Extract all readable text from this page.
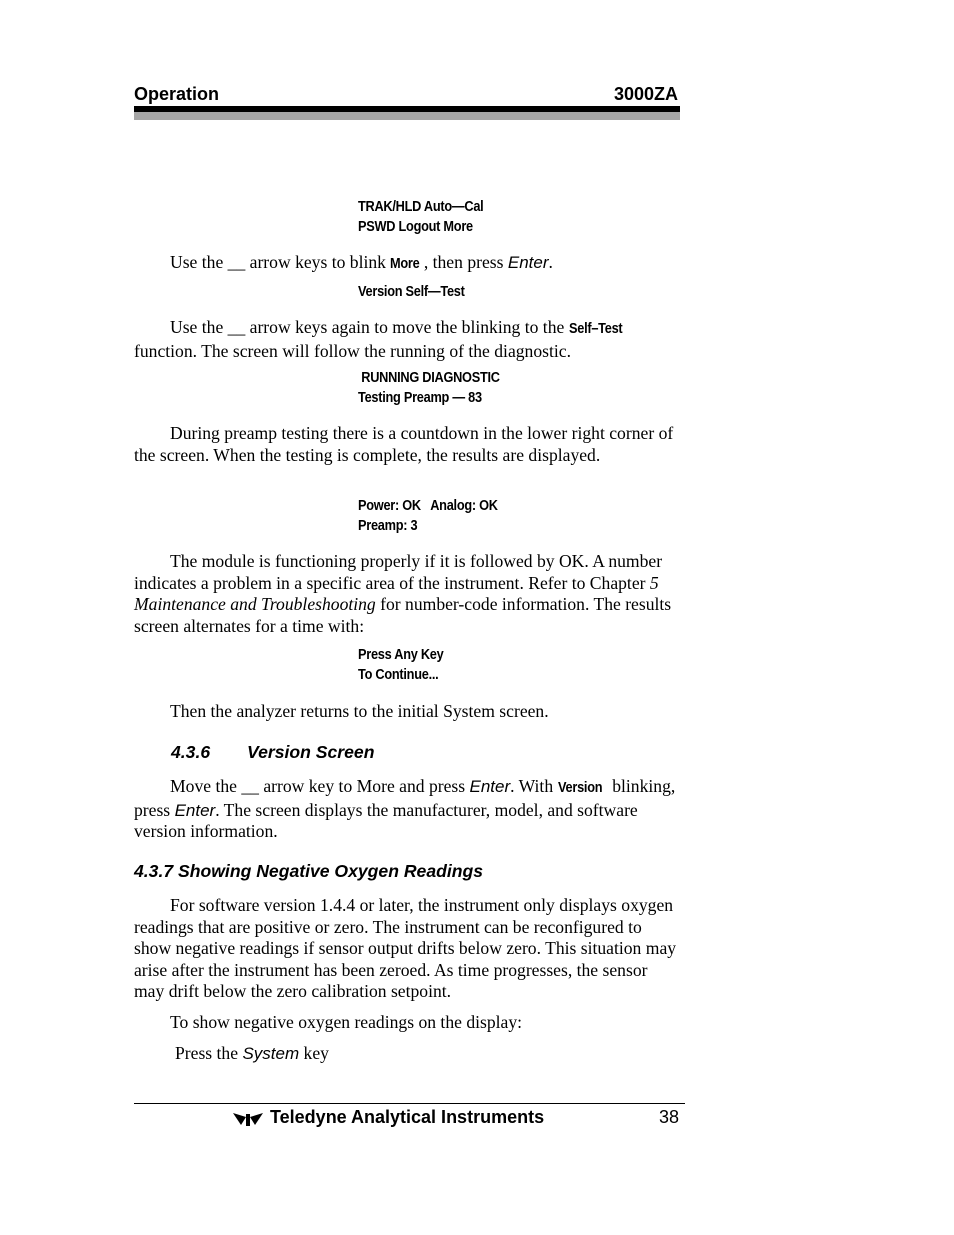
Operation	3000ZA
TRAK/HLD Auto—Cal
PSWD Logout More
Use the __ arrow keys to blink More , then press Enter.
Version Self—Test
Use the __ arrow keys again to move the blinking to the Self–Test function. The screen will follow the running of the diagnostic.
RUNNING DIAGNOSTIC
Testing Preamp — 83
During preamp testing there is a countdown in the lower right corner of the screen. When the testing is complete, the results are displayed.
Power: OK   Analog: OK
Preamp: 3
The module is functioning properly if it is followed by OK. A number indicates a problem in a specific area of the instrument. Refer to Chapter 5 Maintenance and Troubleshooting for number-code information. The results screen alternates for a time with:
Press Any Key
To Continue...
Then the analyzer returns to the initial System screen.
4.3.6 Version Screen
Move the __ arrow key to More and press Enter. With Version blinking, press Enter. The screen displays the manufacturer, model, and software version information.
4.3.7 Showing Negative Oxygen Readings
For software version 1.4.4 or later, the instrument only displays oxygen readings that are positive or zero. The instrument can be reconfigured to show negative readings if sensor output drifts below zero. This situation may arise after the instrument has been zeroed. As time progresses, the sensor may drift below the zero calibration setpoint.
To show negative oxygen readings on the display:
Press the System key
Teledyne Analytical Instruments	38
